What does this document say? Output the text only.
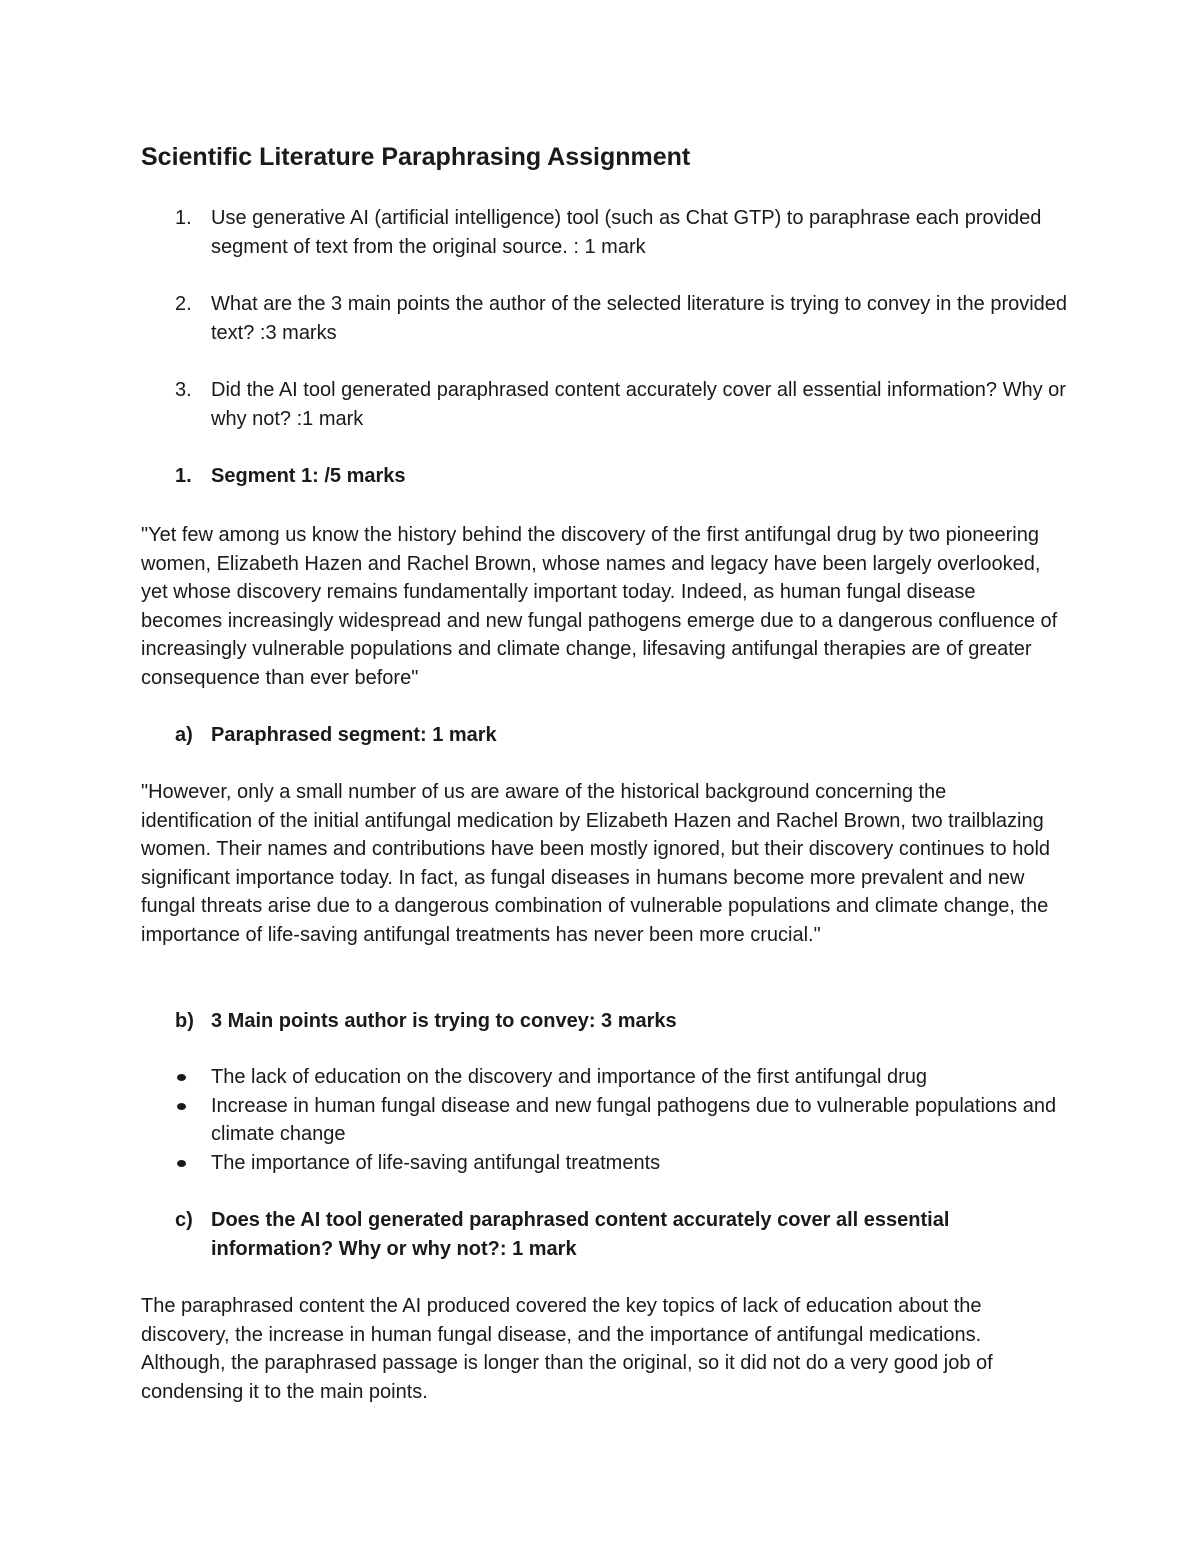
Scientific Literature Paraphrasing Assignment
1. Use generative AI (artificial intelligence) tool (such as Chat GTP) to paraphrase each provided segment of text from the original source. : 1 mark
2. What are the 3 main points the author of the selected literature is trying to convey in the provided text? :3 marks
3. Did the AI tool generated paraphrased content accurately cover all essential information? Why or why not? :1 mark
1. Segment 1: /5 marks

"Yet few among us know the history behind the discovery of the first antifungal drug by two pioneering women, Elizabeth Hazen and Rachel Brown, whose names and legacy have been largely overlooked, yet whose discovery remains fundamentally important today. Indeed, as human fungal disease becomes increasingly widespread and new fungal pathogens emerge due to a dangerous confluence of increasingly vulnerable populations and climate change, lifesaving antifungal therapies are of greater consequence than ever before"

a) Paraphrased segment: 1 mark

"However, only a small number of us are aware of the historical background concerning the identification of the initial antifungal medication by Elizabeth Hazen and Rachel Brown, two trailblazing women. Their names and contributions have been mostly ignored, but their discovery continues to hold significant importance today. In fact, as fungal diseases in humans become more prevalent and new fungal threats arise due to a dangerous combination of vulnerable populations and climate change, the importance of life-saving antifungal treatments has never been more crucial."

b) 3 Main points author is trying to convey: 3 marks
The lack of education on the discovery and importance of the first antifungal drug
Increase in human fungal disease and new fungal pathogens due to vulnerable populations and climate change
The importance of life-saving antifungal treatments
c) Does the AI tool generated paraphrased content accurately cover all essential information? Why or why not?: 1 mark

The paraphrased content the AI produced covered the key topics of lack of education about the discovery, the increase in human fungal disease, and the importance of antifungal medications. Although, the paraphrased passage is longer than the original, so it did not do a very good job of condensing it to the main points.
